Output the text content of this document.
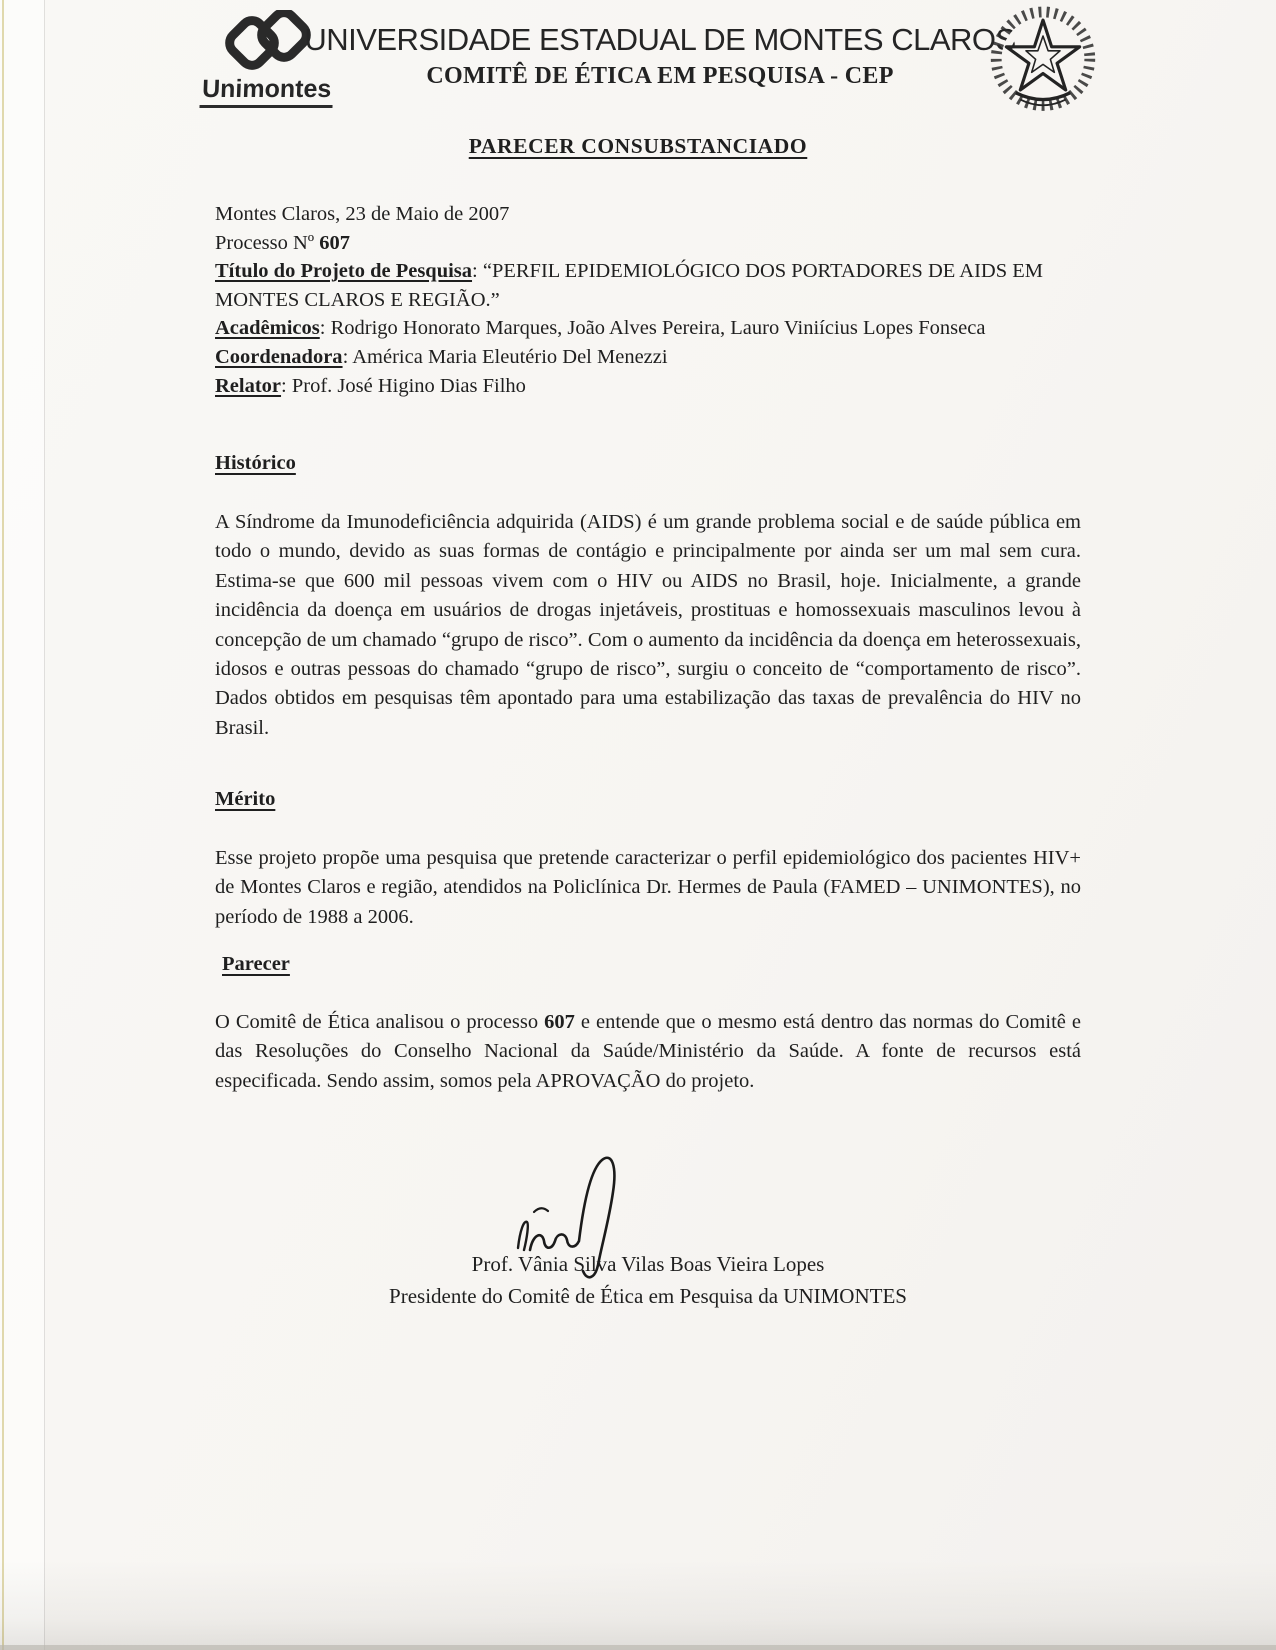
Unimontes
UNIVERSIDADE ESTADUAL DE MONTES CLAROS
COMITÊ DE ÉTICA EM PESQUISA - CEP
PARECER CONSUBSTANCIADO
Montes Claros, 23 de Maio de 2007
Processo Nº 607
Título do Projeto de Pesquisa: “PERFIL EPIDEMIOLÓGICO DOS PORTADORES DE AIDS EM MONTES CLAROS E REGIÃO.”
Acadêmicos: Rodrigo Honorato Marques, João Alves Pereira, Lauro Viniícius Lopes Fonseca
Coordenadora: América Maria Eleutério Del Menezzi
Relator: Prof. José Higino Dias Filho
Histórico
A Síndrome da Imunodeficiência adquirida (AIDS) é um grande problema social e de saúde pública em todo o mundo, devido as suas formas de contágio e principalmente por ainda ser um mal sem cura. Estima-se que 600 mil pessoas vivem com o HIV ou AIDS no Brasil, hoje. Inicialmente, a grande incidência da doença em usuários de drogas injetáveis, prostituas e homossexuais masculinos levou à concepção de um chamado “grupo de risco”. Com o aumento da incidência da doença em heterossexuais, idosos e outras pessoas do chamado “grupo de risco”, surgiu o conceito de “comportamento de risco”. Dados obtidos em pesquisas têm apontado para uma estabilização das taxas de prevalência do HIV no Brasil.
Mérito
Esse projeto propõe uma pesquisa que pretende caracterizar o perfil epidemiológico dos pacientes HIV+ de Montes Claros e região, atendidos na Policlínica Dr. Hermes de Paula (FAMED – UNIMONTES), no período de 1988 a 2006.
Parecer
O Comitê de Ética analisou o processo 607 e entende que o mesmo está dentro das normas do Comitê e das Resoluções do Conselho Nacional da Saúde/Ministério da Saúde. A fonte de recursos está especificada. Sendo assim, somos pela APROVAÇÃO do projeto.
Prof. Vânia Silva Vilas Boas Vieira Lopes
Presidente do Comitê de Ética em Pesquisa da UNIMONTES
